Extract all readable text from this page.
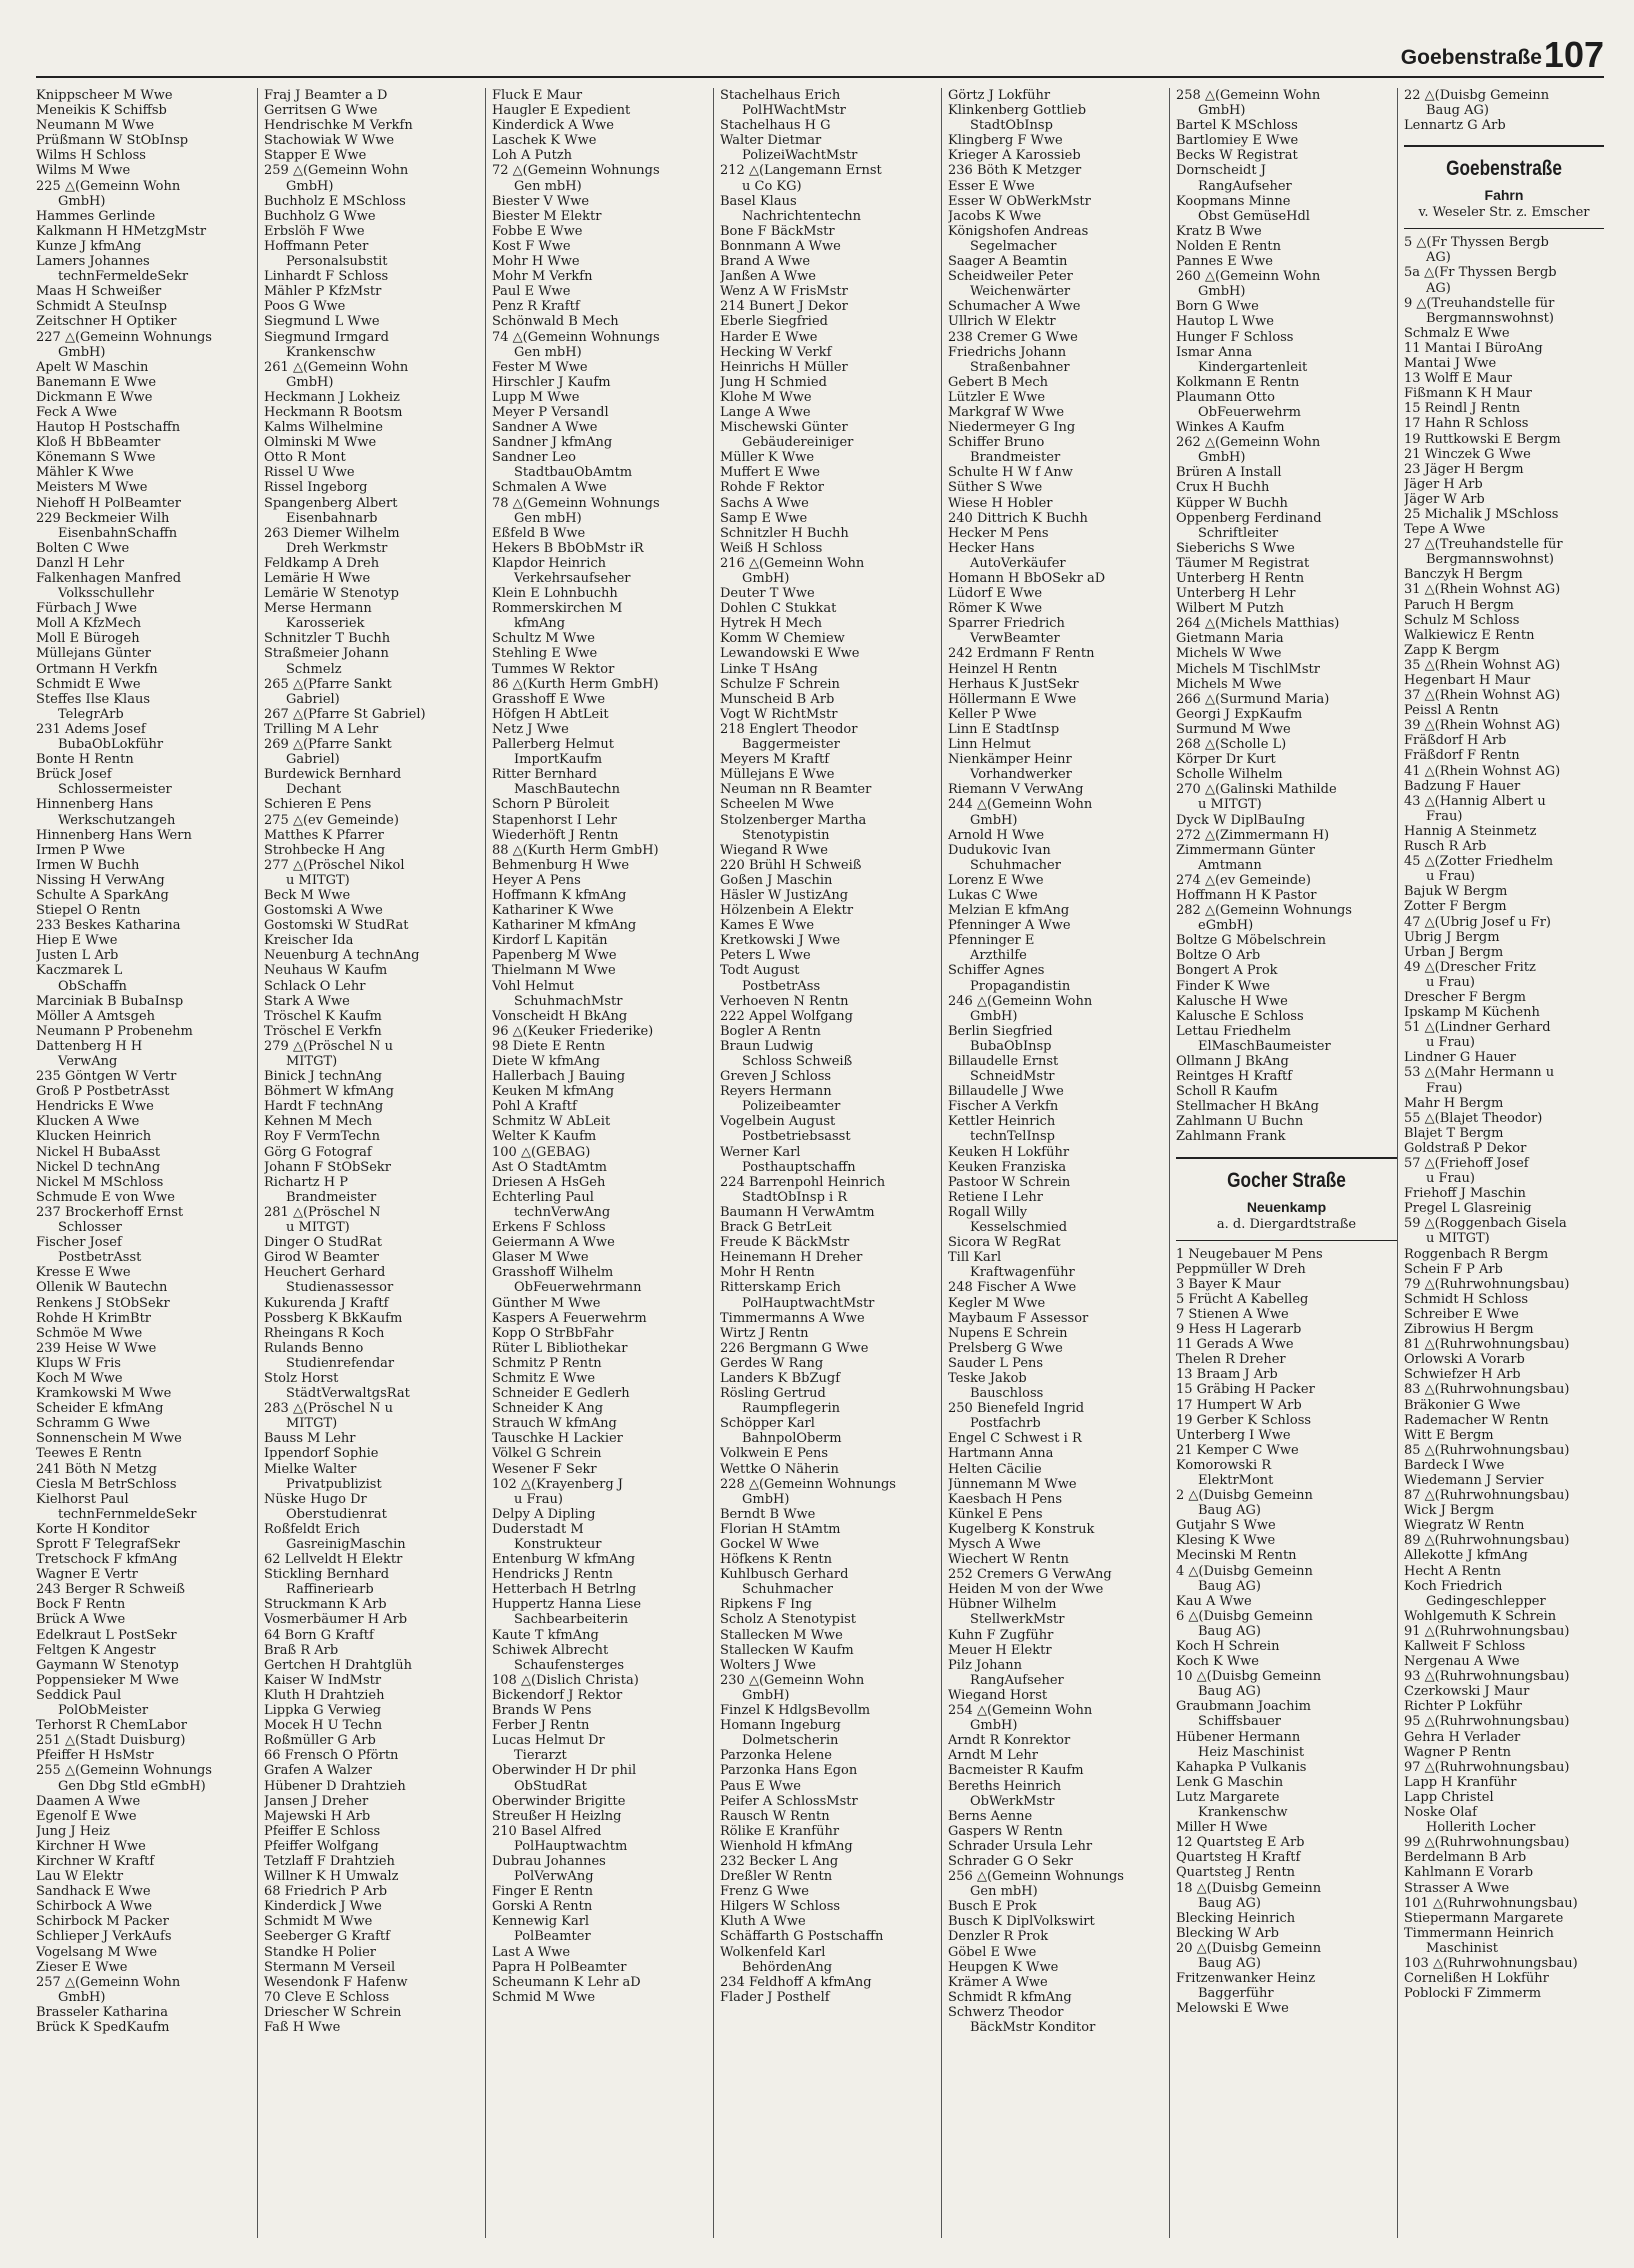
Goebenstraße 107
Knippscheer M Wwe
Meneikis K Schiffsb
Neumann M Wwe
Prüßmann W StObInsp
Wilms H Schloss
Wilms M Wwe
225 △(Gemeinn Wohn
GmbH)
Hammes Gerlinde
Kalkmann H HMetzgMstr
Kunze J kfmAng
Lamers Johannes
technFermeldeSekr
Maas H Schweißer
Schmidt A SteuInsp
Zeitschner H Optiker
227 △(Gemeinn Wohnungs
GmbH)
Apelt W Maschin
Banemann E Wwe
Dickmann E Wwe
Feck A Wwe
Hautop H Postschaffn
Kloß H BbBeamter
Könemann S Wwe
Mähler K Wwe
Meisters M Wwe
Niehoff H PolBeamter
229 Beckmeier Wilh
EisenbahnSchaffn
Bolten C Wwe
Danzl H Lehr
Falkenhagen Manfred
Volksschullehr
Fürbach J Wwe
Moll A KfzMech
Moll E Bürogeh
Müllejans Günter
Ortmann H Verkfn
Schmidt E Wwe
Steffes Ilse Klaus
TelegrArb
231 Adems Josef
BubaObLokführ
Bonte H Rentn
Brück Josef
Schlossermeister
Hinnenberg Hans
Werkschutzangeh
Hinnenberg Hans Wern
Irmen P Wwe
Irmen W Buchh
Nissing H VerwAng
Schulte A SparkAng
Stiepel O Rentn
233 Beskes Katharina
Hiep E Wwe
Justen L Arb
Kaczmarek L
ObSchaffn
Marciniak B BubaInsp
Möller A Amtsgeh
Neumann P Probenehm
Dattenberg H H
VerwAng
235 Göntgen W Vertr
Groß P PostbetrAsst
Hendricks E Wwe
Klucken A Wwe
Klucken Heinrich
Nickel H BubaAsst
Nickel D technAng
Nickel M MSchloss
Schmude E von Wwe
237 Brockerhoff Ernst
Schlosser
Fischer Josef
PostbetrAsst
Kresse E Wwe
Ollenik W Bautechn
Renkens J StObSekr
Rohde H KrimBtr
Schmöe M Wwe
239 Heise W Wwe
Klups W Fris
Koch M Wwe
Kramkowski M Wwe
Scheider E kfmAng
Schramm G Wwe
Sonnenschein M Wwe
Teewes E Rentn
241 Böth N Metzg
Ciesla M BetrSchloss
Kielhorst Paul
technFernmeldeSekr
Korte H Konditor
Sprott F TelegrafSekr
Tretschock F kfmAng
Wagner E Vertr
243 Berger R Schweiß
Bock F Rentn
Brück A Wwe
Edelkraut L PostSekr
Feltgen K Angestr
Gaymann W Stenotyp
Poppensieker M Wwe
Seddick Paul
PolObMeister
Terhorst R ChemLabor
251 △(Stadt Duisburg)
Pfeiffer H HsMstr
255 △(Gemeinn Wohnungs
Gen Dbg Stld eGmbH)
Daamen A Wwe
Egenolf E Wwe
Jung J Heiz
Kirchner H Wwe
Kirchner W Kraftf
Lau W Elektr
Sandhack E Wwe
Schirbock A Wwe
Schirbock M Packer
Schlieper J VerkAufs
Vogelsang M Wwe
Zieser E Wwe
257 △(Gemeinn Wohn
GmbH)
Brasseler Katharina
Brück K SpedKaufm
Fraj J Beamter a D
Gerritsen G Wwe
Hendrischke M Verkfn
Stachowiak W Wwe
Stapper E Wwe
259 △(Gemeinn Wohn
GmbH)
Buchholz E MSchloss
Buchholz G Wwe
Erbslöh F Wwe
Hoffmann Peter
Personalsubstit
Linhardt F Schloss
Mähler P KfzMstr
Poos G Wwe
Siegmund L Wwe
Siegmund Irmgard
Krankenschw
261 △(Gemeinn Wohn
GmbH)
Heckmann J Lokheiz
Heckmann R Bootsm
Kalms Wilhelmine
Olminski M Wwe
Otto R Mont
Rissel U Wwe
Rissel Ingeborg
Spangenberg Albert
Eisenbahnarb
263 Diemer Wilhelm
Dreh Werkmstr
Feldkamp A Dreh
Lemärie H Wwe
Lemärie W Stenotyp
Merse Hermann
Karosseriek
Schnitzler T Buchh
Straßmeier Johann
Schmelz
265 △(Pfarre Sankt
Gabriel)
267 △(Pfarre St Gabriel)
Trilling M A Lehr
269 △(Pfarre Sankt
Gabriel)
Burdewick Bernhard
Dechant
Schieren E Pens
275 △(ev Gemeinde)
Matthes K Pfarrer
Strohbecke H Ang
277 △(Pröschel Nikol
u MITGT)
Beck M Wwe
Gostomski A Wwe
Gostomski W StudRat
Kreischer Ida
Neuenburg A technAng
Neuhaus W Kaufm
Schlack O Lehr
Stark A Wwe
Tröschel K Kaufm
Tröschel E Verkfn
279 △(Pröschel N u
MITGT)
Binick J technAng
Böhmert W kfmAng
Hardt F technAng
Kehnen M Mech
Roy F VermTechn
Görg G Fotograf
Johann F StObSekr
Richartz H P
Brandmeister
281 △(Pröschel N
u MITGT)
Dinger O StudRat
Girod W Beamter
Heuchert Gerhard
Studienassessor
Kukurenda J Kraftf
Possberg K BkKaufm
Rheingans R Koch
Rulands Benno
Studienrefendar
Stolz Horst
StädtVerwaltgsRat
283 △(Pröschel N u
MITGT)
Bauss M Lehr
Ippendorf Sophie
Mielke Walter
Privatpublizist
Nüske Hugo Dr
Oberstudienrat
Roßfeldt Erich
GasreinigMaschin
62 Lellveldt H Elektr
Stickling Bernhard
Raffineriearb
Struckmann K Arb
Vosmerbäumer H Arb
64 Born G Kraftf
Braß R Arb
Gertchen H Drahtglüh
Kaiser W IndMstr
Kluth H Drahtzieh
Lippka G Verwieg
Mocek H U Techn
Roßmüller G Arb
66 Frensch O Pförtn
Grafen A Walzer
Hübener D Drahtzieh
Jansen J Dreher
Majewski H Arb
Pfeiffer E Schloss
Pfeiffer Wolfgang
Tetzlaff F Drahtzieh
Willner K H Umwalz
68 Friedrich P Arb
Kinderdick J Wwe
Schmidt M Wwe
Seeberger G Kraftf
Standke H Polier
Stermann M Verseil
Wesendonk F Hafenw
70 Cleve E Schloss
Driescher W Schrein
Faß H Wwe
Fluck E Maur
Haugler E Expedient
Kinderdick A Wwe
Laschek K Wwe
Loh A Putzh
72 △(Gemeinn Wohnungs
Gen mbH)
Biester V Wwe
Biester M Elektr
Fobbe E Wwe
Kost F Wwe
Mohr H Wwe
Mohr M Verkfn
Paul E Wwe
Penz R Kraftf
Schönwald B Mech
74 △(Gemeinn Wohnungs
Gen mbH)
Fester M Wwe
Hirschler J Kaufm
Lupp M Wwe
Meyer P Versandl
Sandner A Wwe
Sandner J kfmAng
Sandner Leo
StadtbauObAmtm
Schmalen A Wwe
78 △(Gemeinn Wohnungs
Gen mbH)
Eßfeld B Wwe
Hekers B BbObMstr iR
Klapdor Heinrich
Verkehrsaufseher
Klein E Lohnbuchh
Rommerskirchen M
kfmAng
Schultz M Wwe
Stehling E Wwe
Tummes W Rektor
86 △(Kurth Herm GmbH)
Grasshoff E Wwe
Höfgen H AbtLeit
Netz J Wwe
Pallerberg Helmut
ImportKaufm
Ritter Bernhard
MaschBautechn
Schorn P Büroleit
Stapenhorst I Lehr
Wiederhöft J Rentn
88 △(Kurth Herm GmbH)
Behmenburg H Wwe
Heyer A Pens
Hoffmann K kfmAng
Kathariner K Wwe
Kathariner M kfmAng
Kirdorf L Kapitän
Papenberg M Wwe
Thielmann M Wwe
Vohl Helmut
SchuhmachMstr
Vonscheidt H BkAng
96 △(Keuker Friederike)
98 Diete E Rentn
Diete W kfmAng
Hallerbach J Bauing
Keuken M kfmAng
Pohl A Kraftf
Schmitz W AbLeit
Welter K Kaufm
100 △(GEBAG)
Ast O StadtAmtm
Driesen A HsGeh
Echterling Paul
technVerwAng
Erkens F Schloss
Geiermann A Wwe
Glaser M Wwe
Grasshoff Wilhelm
ObFeuerwehrmann
Günther M Wwe
Kaspers A Feuerwehrm
Kopp O StrBbFahr
Rüter L Bibliothekar
Schmitz P Rentn
Schmitz E Wwe
Schneider E Gedlerh
Schneider K Ang
Strauch W kfmAng
Tauschke H Lackier
Völkel G Schrein
Wesener F Sekr
102 △(Krayenberg J
u Frau)
Delpy A Dipling
Duderstadt M
Konstrukteur
Entenburg W kfmAng
Hendricks J Rentn
Hetterbach H Betrlng
Huppertz Hanna Liese
Sachbearbeiterin
Kaute T kfmAng
Schiwek Albrecht
Schaufensterges
108 △(Dislich Christa)
Bickendorf J Rektor
Brands W Pens
Ferber J Rentn
Lucas Helmut Dr
Tierarzt
Oberwinder H Dr phil
ObStudRat
Oberwinder Brigitte
Streußer H Heizlng
210 Basel Alfred
PolHauptwachtm
Dubrau Johannes
PolVerwAng
Finger E Rentn
Gorski A Rentn
Kennewig Karl
PolBeamter
Last A Wwe
Papra H PolBeamter
Scheumann K Lehr aD
Schmid M Wwe
Stachelhaus Erich
PolHWachtMstr
Stachelhaus H G
Walter Dietmar
PolizeiWachtMstr
212 △(Langemann Ernst
u Co KG)
Basel Klaus
Nachrichtentechn
Bone F BäckMstr
Bonnmann A Wwe
Brand A Wwe
Janßen A Wwe
Wenz A W FrisMstr
214 Bunert J Dekor
Eberle Siegfried
Harder E Wwe
Hecking W Verkf
Heinrichs H Müller
Jung H Schmied
Klohe M Wwe
Lange A Wwe
Mischewski Günter
Gebäudereiniger
Müller K Wwe
Muffert E Wwe
Rohde F Rektor
Sachs A Wwe
Samp E Wwe
Schnitzler H Buchh
Weiß H Schloss
216 △(Gemeinn Wohn
GmbH)
Deuter T Wwe
Dohlen C Stukkat
Hytrek H Mech
Komm W Chemiew
Lewandowski E Wwe
Linke T HsAng
Schulze F Schrein
Munscheid B Arb
Vogt W RichtMstr
218 Englert Theodor
Baggermeister
Meyers M Kraftf
Müllejans E Wwe
Neuman nn R Beamter
Scheelen M Wwe
Stolzenberger Martha
Stenotypistin
Wiegand R Wwe
220 Brühl H Schweiß
Goßen J Maschin
Häsler W JustizAng
Hölzenbein A Elektr
Kames E Wwe
Kretkowski J Wwe
Peters L Wwe
Todt August
PostbetrAss
Verhoeven N Rentn
222 Appel Wolfgang
Bogler A Rentn
Braun Ludwig
Schloss Schweiß
Greven J Schloss
Reyers Hermann
Polizeibeamter
Vogelbein August
Postbetriebsasst
Werner Karl
Posthauptschaffn
224 Barrenpohl Heinrich
StadtObInsp i R
Baumann H VerwAmtm
Brack G BetrLeit
Freude K BäckMstr
Heinemann H Dreher
Mohr H Rentn
Ritterskamp Erich
PolHauptwachtMstr
Timmermanns A Wwe
Wirtz J Rentn
226 Bergmann G Wwe
Gerdes W Rang
Landers K BbZugf
Rösling Gertrud
Raumpflegerin
Schöpper Karl
BahnpolOberm
Volkwein E Pens
Wettke O Näherin
228 △(Gemeinn Wohnungs
GmbH)
Berndt B Wwe
Florian H StAmtm
Gockel W Wwe
Höfkens K Rentn
Kuhlbusch Gerhard
Schuhmacher
Ripkens F Ing
Scholz A Stenotypist
Stallecken M Wwe
Stallecken W Kaufm
Wolters J Wwe
230 △(Gemeinn Wohn
GmbH)
Finzel K HdlgsBevollm
Homann Ingeburg
Dolmetscherin
Parzonka Helene
Parzonka Hans Egon
Paus E Wwe
Peifer A SchlossMstr
Rausch W Rentn
Rölike E Kranführ
Wienhold H kfmAng
232 Becker L Ang
Dreßler W Rentn
Frenz G Wwe
Hilgers W Schloss
Kluth A Wwe
Schäffarth G Postschaffn
Wolkenfeld Karl
BehördenAng
234 Feldhoff A kfmAng
Flader J Posthelf
Görtz J Lokführ
Klinkenberg Gottlieb
StadtObInsp
Klingberg F Wwe
Krieger A Karossieb
236 Böth K Metzger
Esser E Wwe
Esser W ObWerkMstr
Jacobs K Wwe
Königshofen Andreas
Segelmacher
Saager A Beamtin
Scheidweiler Peter
Weichenwärter
Schumacher A Wwe
Ullrich W Elektr
238 Cremer G Wwe
Friedrichs Johann
Straßenbahner
Gebert B Mech
Lützler E Wwe
Markgraf W Wwe
Niedermeyer G Ing
Schiffer Bruno
Brandmeister
Schulte H W f Anw
Süther S Wwe
Wiese H Hobler
240 Dittrich K Buchh
Hecker M Pens
Hecker Hans
AutoVerkäufer
Homann H BbOSekr aD
Lüdorf E Wwe
Römer K Wwe
Sparrer Friedrich
VerwBeamter
242 Erdmann F Rentn
Heinzel H Rentn
Herhaus K JustSekr
Höllermann E Wwe
Keller P Wwe
Linn E StadtInsp
Linn Helmut
Nienkämper Heinr
Vorhandwerker
Riemann V VerwAng
244 △(Gemeinn Wohn
GmbH)
Arnold H Wwe
Dudukovic Ivan
Schuhmacher
Lorenz E Wwe
Lukas C Wwe
Melzian E kfmAng
Pfenninger A Wwe
Pfenninger E
Arzthilfe
Schiffer Agnes
Propagandistin
246 △(Gemeinn Wohn
GmbH)
Berlin Siegfried
BubaObInsp
Billaudelle Ernst
SchneidMstr
Billaudelle J Wwe
Fischer A Verkfn
Kettler Heinrich
technTelInsp
Keuken H Lokführ
Keuken Franziska
Pastoor W Schrein
Retiene I Lehr
Rogall Willy
Kesselschmied
Sicora W RegRat
Till Karl
Kraftwagenführ
248 Fischer A Wwe
Kegler M Wwe
Maybaum F Assessor
Nupens E Schrein
Prelsberg G Wwe
Sauder L Pens
Teske Jakob
Bauschloss
250 Bienefeld Ingrid
Postfachrb
Engel C Schwest i R
Hartmann Anna
Helten Cäcilie
Jünnemann M Wwe
Kaesbach H Pens
Künkel E Pens
Kugelberg K Konstruk
Mysch A Wwe
Wiechert W Rentn
252 Cremers G VerwAng
Heiden M von der Wwe
Hübner Wilhelm
StellwerkMstr
Kuhn F Zugführ
Meuer H Elektr
Pilz Johann
RangAufseher
Wiegand Horst
254 △(Gemeinn Wohn
GmbH)
Arndt R Konrektor
Arndt M Lehr
Bacmeister R Kaufm
Bereths Heinrich
ObWerkMstr
Berns Aenne
Gaspers W Rentn
Schrader Ursula Lehr
Schrader G O Sekr
256 △(Gemeinn Wohnungs
Gen mbH)
Busch E Prok
Busch K DiplVolkswirt
Denzler R Prok
Göbel E Wwe
Heupgen K Wwe
Krämer A Wwe
Schmidt R kfmAng
Schwerz Theodor
BäckMstr Konditor
258 △(Gemeinn Wohn
GmbH)
Bartel K MSchloss
Bartlomiey E Wwe
Becks W Registrat
Dornscheidt J
RangAufseher
Koopmans Minne
Obst GemüseHdl
Kratz B Wwe
Nolden E Rentn
Pannes E Wwe
260 △(Gemeinn Wohn
GmbH)
Born G Wwe
Hautop L Wwe
Hunger F Schloss
Ismar Anna
Kindergartenleit
Kolkmann E Rentn
Plaumann Otto
ObFeuerwehrm
Winkes A Kaufm
262 △(Gemeinn Wohn
GmbH)
Brüren A Install
Crux H Buchh
Küpper W Buchh
Oppenberg Ferdinand
Schriftleiter
Sieberichs S Wwe
Täumer M Registrat
Unterberg H Rentn
Unterberg H Lehr
Wilbert M Putzh
264 △(Michels Matthias)
Gietmann Maria
Michels W Wwe
Michels M TischlMstr
Michels M Wwe
266 △(Surmund Maria)
Georgi J ExpKaufm
Surmund M Wwe
268 △(Scholle L)
Körper Dr Kurt
Scholle Wilhelm
270 △(Galinski Mathilde
u MITGT)
Dyck W DiplBauIng
272 △(Zimmermann H)
Zimmermann Günter
Amtmann
274 △(ev Gemeinde)
Hoffmann H K Pastor
282 △(Gemeinn Wohnungs
eGmbH)
Boltze G Möbelschrein
Boltze O Arb
Bongert A Prok
Finder K Wwe
Kalusche H Wwe
Kalusche E Schloss
Lettau Friedhelm
ElMaschBaumeister
Ollmann J BkAng
Reintges H Kraftf
Scholl R Kaufm
Stellmacher H BkAng
Zahlmann U Buchn
Zahlmann Frank
Gocher Straße
Neuenkamp
a. d. Diergardtstraße
1 Neugebauer M Pens
Peppmüller W Dreh
3 Bayer K Maur
5 Frücht A Kabelleg
7 Stienen A Wwe
9 Hess H Lagerarb
11 Gerads A Wwe
Thelen R Dreher
13 Braam J Arb
15 Gräbing H Packer
17 Humpert W Arb
19 Gerber K Schloss
Unterberg I Wwe
21 Kemper C Wwe
Komorowski R
ElektrMont
2 △(Duisbg Gemeinn
Baug AG)
Gutjahr S Wwe
Klesing K Wwe
Mecinski M Rentn
4 △(Duisbg Gemeinn
Baug AG)
Kau A Wwe
6 △(Duisbg Gemeinn
Baug AG)
Koch H Schrein
Koch K Wwe
10 △(Duisbg Gemeinn
Baug AG)
Graubmann Joachim
Schiffsbauer
Hübener Hermann
Heiz Maschinist
Kahapka P Vulkanis
Lenk G Maschin
Lutz Margarete
Krankenschw
Miller H Wwe
12 Quartsteg E Arb
Quartsteg H Kraftf
Quartsteg J Rentn
18 △(Duisbg Gemeinn
Baug AG)
Blecking Heinrich
Blecking W Arb
20 △(Duisbg Gemeinn
Baug AG)
Fritzenwanker Heinz
Baggerführ
Melowski E Wwe
22 △(Duisbg Gemeinn
Baug AG)
Lennartz G Arb
Goebenstraße
Fahrn
v. Weseler Str. z. Emscher
5 △(Fr Thyssen Bergb
AG)
5a △(Fr Thyssen Bergb
AG)
9 △(Treuhandstelle für
Bergmannswohnst)
Schmalz E Wwe
11 Mantai I BüroAng
Mantai J Wwe
13 Wolff E Maur
Fißmann K H Maur
15 Reindl J Rentn
17 Hahn R Schloss
19 Ruttkowski E Bergm
21 Winczek G Wwe
23 Jäger H Bergm
Jäger H Arb
Jäger W Arb
25 Michalik J MSchloss
Tepe A Wwe
27 △(Treuhandstelle für
Bergmannswohnst)
Banczyk H Bergm
31 △(Rhein Wohnst AG)
Paruch H Bergm
Schulz M Schloss
Walkiewicz E Rentn
Zapp K Bergm
35 △(Rhein Wohnst AG)
Hegenbart H Maur
37 △(Rhein Wohnst AG)
Peissl A Rentn
39 △(Rhein Wohnst AG)
Fräßdorf H Arb
Fräßdorf F Rentn
41 △(Rhein Wohnst AG)
Badzung F Hauer
43 △(Hannig Albert u
Frau)
Hannig A Steinmetz
Rusch R Arb
45 △(Zotter Friedhelm
u Frau)
Bajuk W Bergm
Zotter F Bergm
47 △(Ubrig Josef u Fr)
Ubrig J Bergm
Urban J Bergm
49 △(Drescher Fritz
u Frau)
Drescher F Bergm
Ipskamp M Küchenh
51 △(Lindner Gerhard
u Frau)
Lindner G Hauer
53 △(Mahr Hermann u
Frau)
Mahr H Bergm
55 △(Blajet Theodor)
Blajet T Bergm
Goldstraß P Dekor
57 △(Friehoff Josef
u Frau)
Friehoff J Maschin
Pregel L Glasreinig
59 △(Roggenbach Gisela
u MITGT)
Roggenbach R Bergm
Schein F P Arb
79 △(Ruhrwohnungsbau)
Schmidt H Schloss
Schreiber E Wwe
Zibrowius H Bergm
81 △(Ruhrwohnungsbau)
Orlowski A Vorarb
Schwiefzer H Arb
83 △(Ruhrwohnungsbau)
Bräkonier G Wwe
Rademacher W Rentn
Witt E Bergm
85 △(Ruhrwohnungsbau)
Bardeck I Wwe
Wiedemann J Servier
87 △(Ruhrwohnungsbau)
Wick J Bergm
Wiegratz W Rentn
89 △(Ruhrwohnungsbau)
Allekotte J kfmAng
Hecht A Rentn
Koch Friedrich
Gedingeschlepper
Wohlgemuth K Schrein
91 △(Ruhrwohnungsbau)
Kallweit F Schloss
Nergenau A Wwe
93 △(Ruhrwohnungsbau)
Czerkowski J Maur
Richter P Lokführ
95 △(Ruhrwohnungsbau)
Gehra H Verlader
Wagner P Rentn
97 △(Ruhrwohnungsbau)
Lapp H Kranführ
Lapp Christel
Noske Olaf
Hollerith Locher
99 △(Ruhrwohnungsbau)
Berdelmann B Arb
Kahlmann E Vorarb
Strasser A Wwe
101 △(Ruhrwohnungsbau)
Stiepermann Margarete
Timmermann Heinrich
Maschinist
103 △(Ruhrwohnungsbau)
Cornelißen H Lokführ
Poblocki F Zimmerm
